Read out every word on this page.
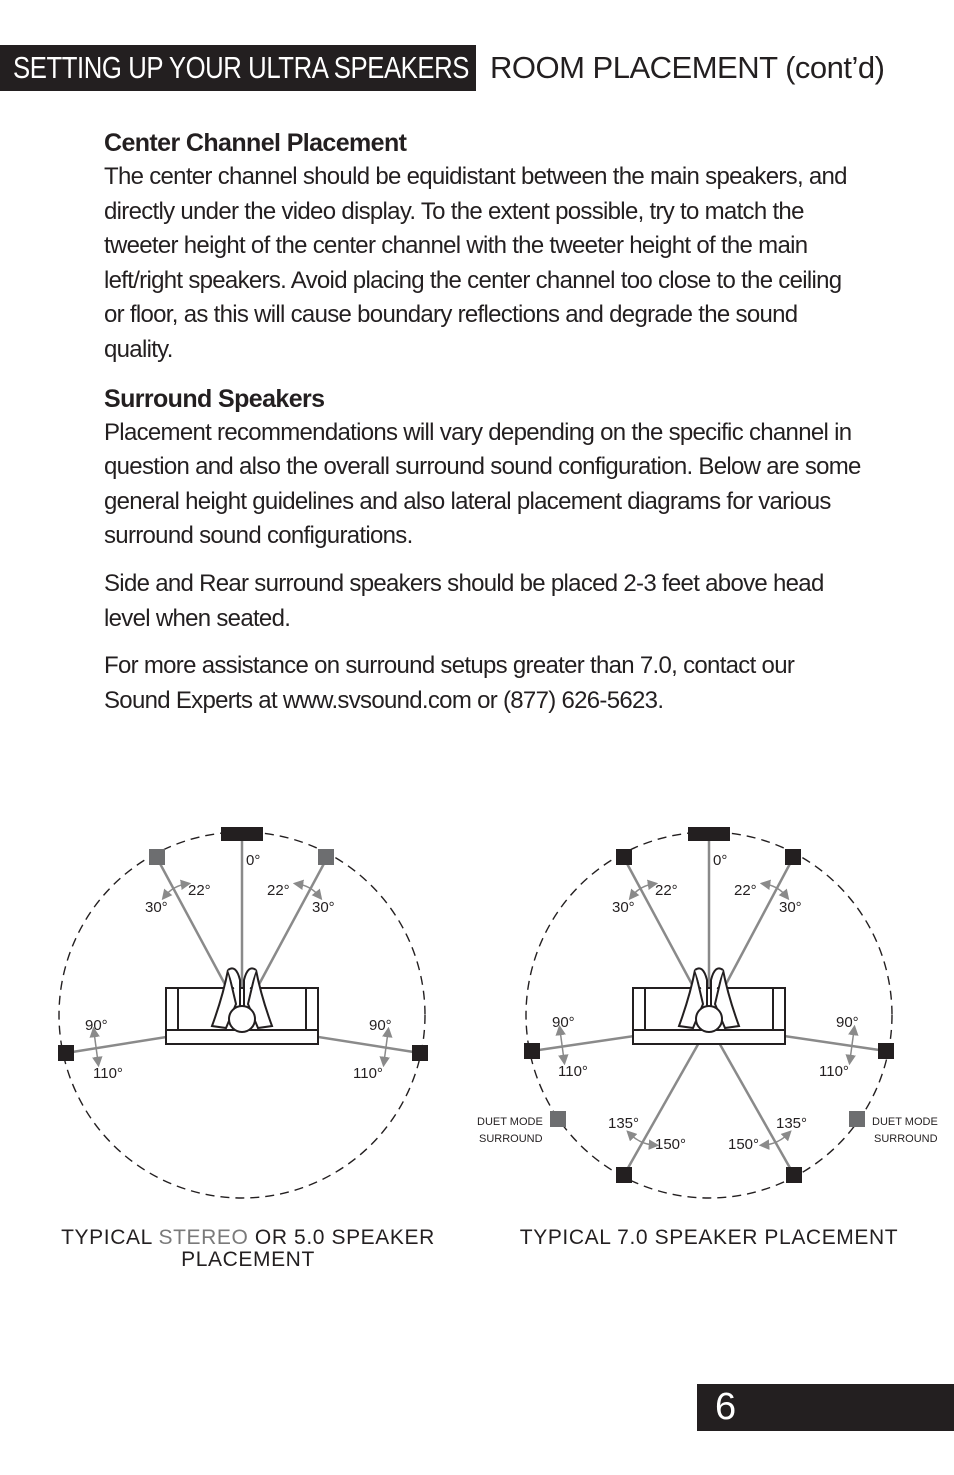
SETTING UP YOUR ULTRA SPEAKERS ROOM PLACEMENT (cont’d)

Center Channel Placement

The center channel should be equidistant between the main speakers, and directly under the video display. To the extent possible, try to match the tweeter height of the center channel with the tweeter height of the main left/right speakers. Avoid placing the center channel too close to the ceiling or floor, as this will cause boundary reflections and degrade the sound quality.

Surround Speakers

Placement recommendations will vary depending on the specific channel in question and also the overall surround sound configuration. Below are some general height guidelines and also lateral placement diagrams for various surround sound configurations.

Side and Rear surround speakers should be placed 2-3 feet above head level when seated.

For more assistance on surround setups greater than 7.0, contact our Sound Experts at www.svsound.com or (877) 626-5623.

0°
22°
30°
22°
30°
90°
110°
90°
110°
TYPICAL STEREO OR 5.0 SPEAKER
PLACEMENT
0°
22°
30°
22°
30°
90°
110°
90°
110°
135°
150°	150°
135°
DUET MODE
SURROUND
DUET MODE
SURROUND
TYPICAL 7.0 SPEAKER PLACEMENT
6
